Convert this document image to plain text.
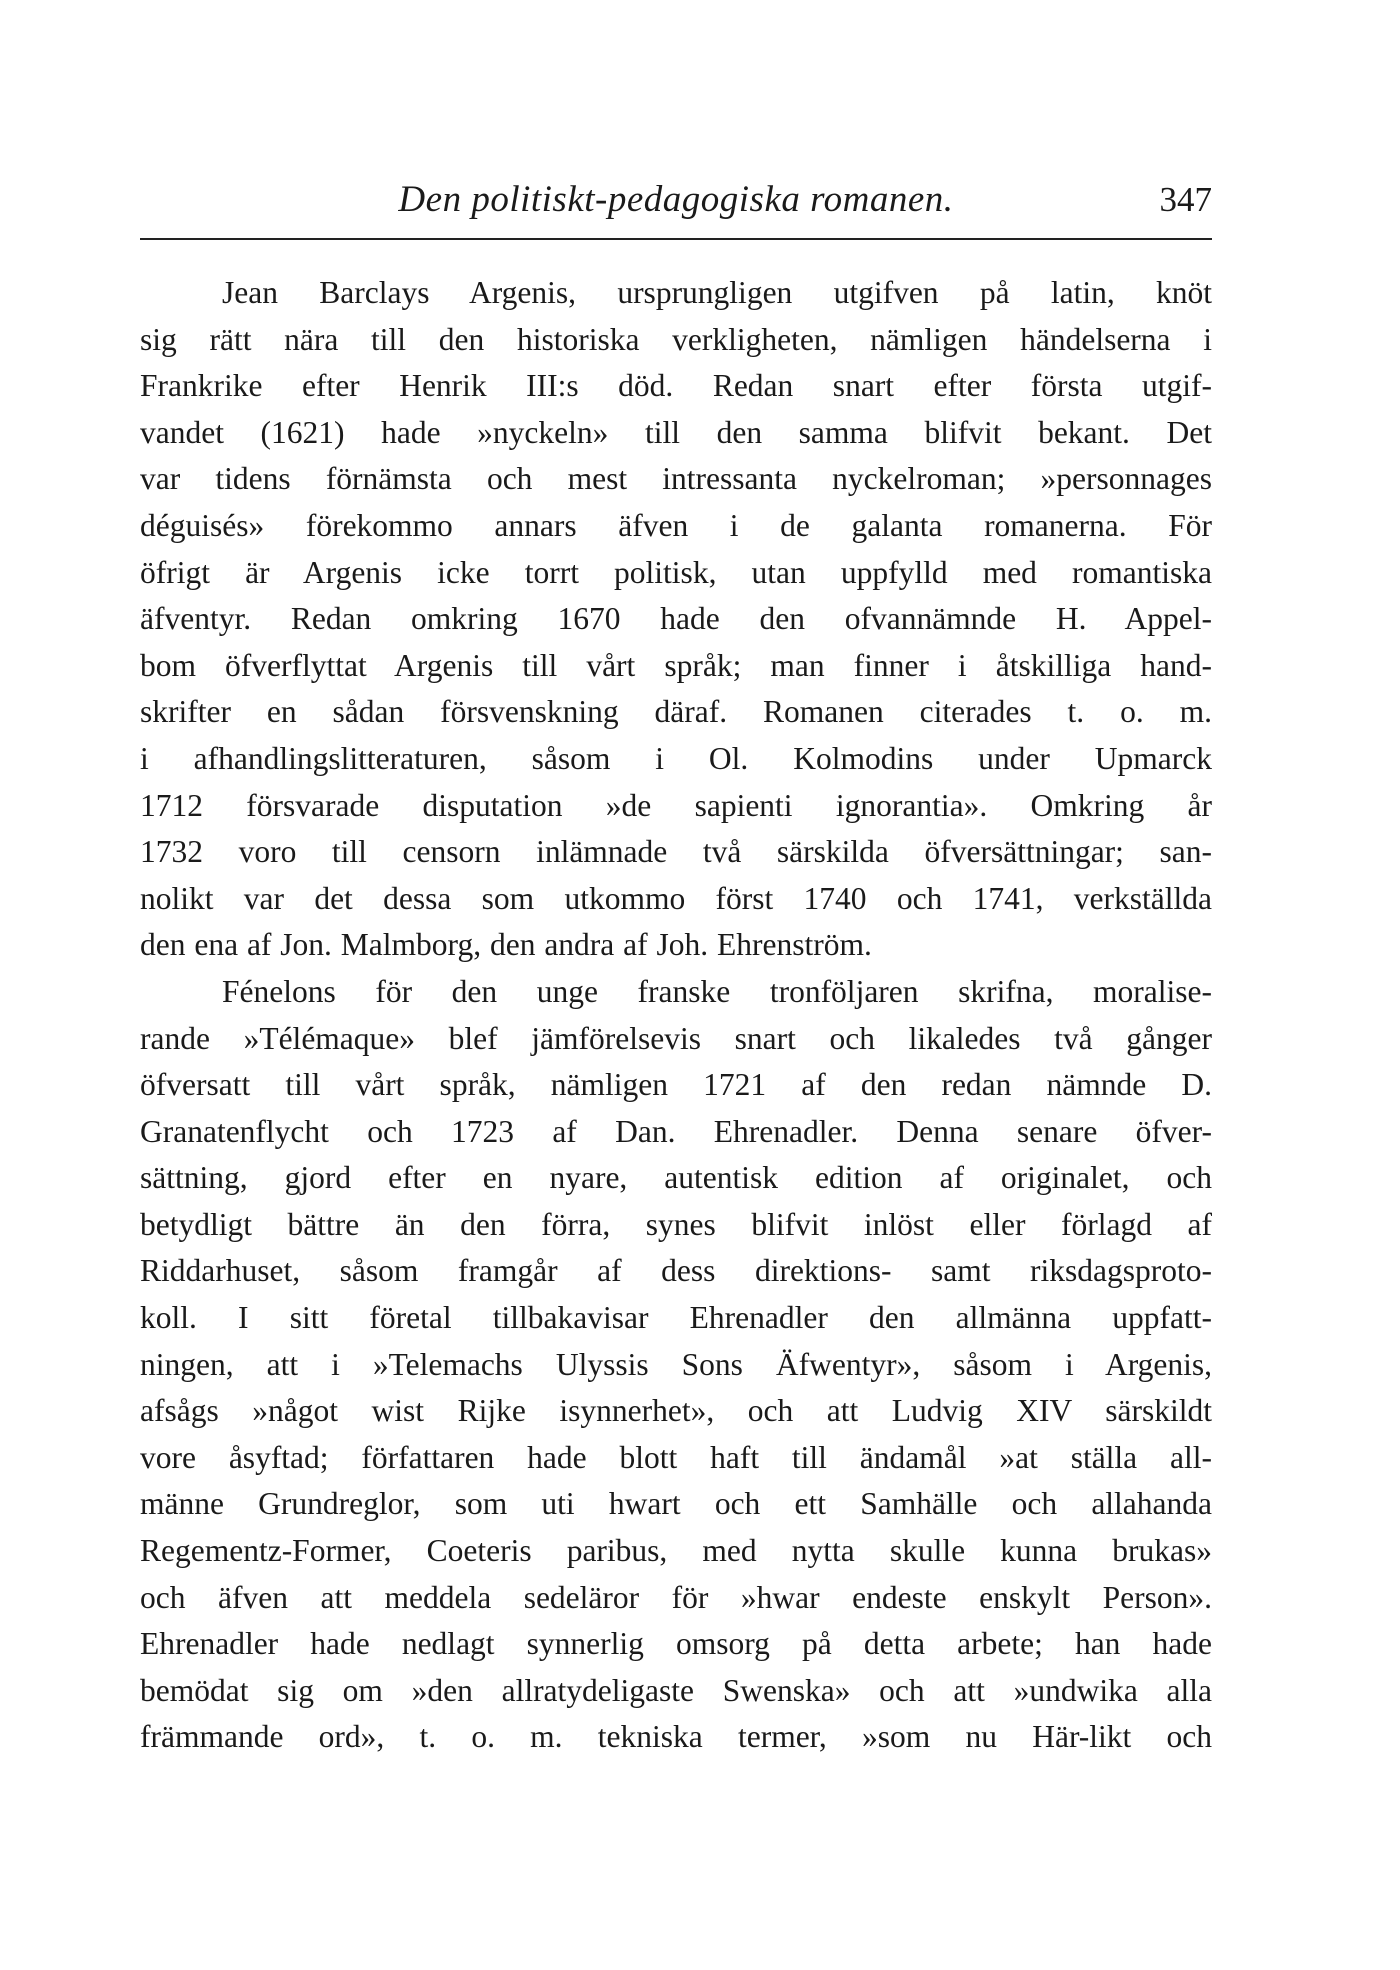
Den politiskt-pedagogiska romanen.	347
Jean Barclays Argenis, ursprungligen utgifven på latin, knöt
sig rätt nära till den historiska verkligheten, nämligen händelserna i
Frankrike efter Henrik III:s död. Redan snart efter första utgif-
vandet (1621) hade »nyckeln» till den samma blifvit bekant. Det
var tidens förnämsta och mest intressanta nyckelroman; »personnages
déguisés» förekommo annars äfven i de galanta romanerna. För
öfrigt är Argenis icke torrt politisk, utan uppfylld med romantiska
äfventyr. Redan omkring 1670 hade den ofvannämnde H. Appel-
bom öfverflyttat Argenis till vårt språk; man finner i åtskilliga hand-
skrifter en sådan försvenskning däraf. Romanen citerades t. o. m.
i afhandlingslitteraturen, såsom i Ol. Kolmodins under Upmarck
1712 försvarade disputation »de sapienti ignorantia». Omkring år
1732 voro till censorn inlämnade två särskilda öfversättningar; san-
nolikt var det dessa som utkommo först 1740 och 1741, verkställda
den ena af Jon. Malmborg, den andra af Joh. Ehrenström.
Fénelons för den unge franske tronföljaren skrifna, moralise-
rande »Télémaque» blef jämförelsevis snart och likaledes två gånger
öfversatt till vårt språk, nämligen 1721 af den redan nämnde D.
Granatenflycht och 1723 af Dan. Ehrenadler. Denna senare öfver-
sättning, gjord efter en nyare, autentisk edition af originalet, och
betydligt bättre än den förra, synes blifvit inlöst eller förlagd af
Riddarhuset, såsom framgår af dess direktions- samt riksdagsproto-
koll. I sitt företal tillbakavisar Ehrenadler den allmänna uppfatt-
ningen, att i »Telemachs Ulyssis Sons Äfwentyr», såsom i Argenis,
afsågs »något wist Rijke isynnerhet», och att Ludvig XIV särskildt
vore åsyftad; författaren hade blott haft till ändamål »at ställa all-
männe Grundreglor, som uti hwart och ett Samhälle och allahanda
Regementz-Former, Coeteris paribus, med nytta skulle kunna brukas»
och äfven att meddela sedeläror för »hwar endeste enskylt Person».
Ehrenadler hade nedlagt synnerlig omsorg på detta arbete; han hade
bemödat sig om »den allratydeligaste Swenska» och att »undwika alla
främmande ord», t. o. m. tekniska termer, »som nu Här-likt och
